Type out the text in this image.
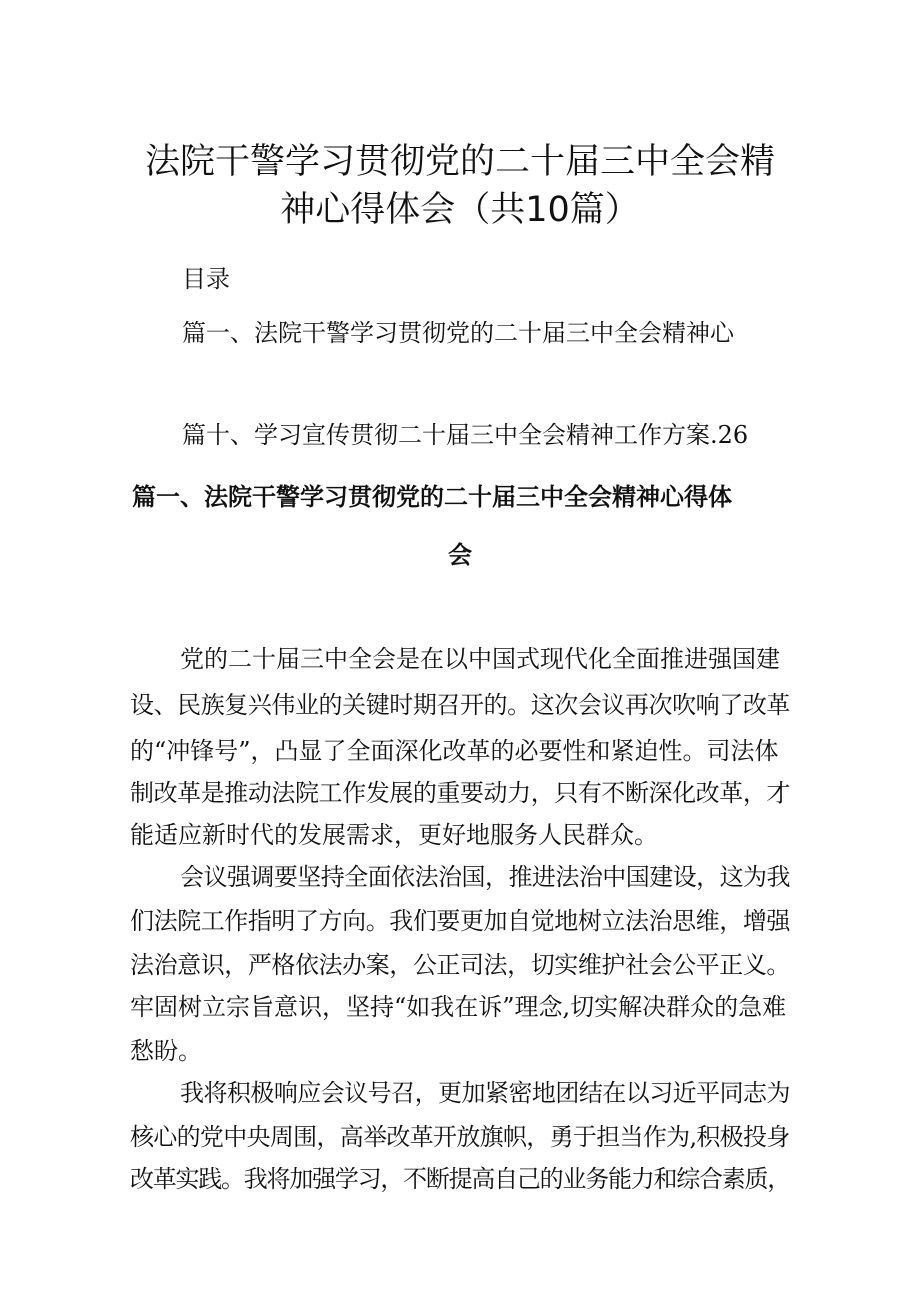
法院干警学习贯彻党的二十届三中全会精
神心得体会（共10篇）
目录
篇一、法院干警学习贯彻党的二十届三中全会精神心
篇十、学习宣传贯彻二十届三中全会精神工作方案.26
篇一、法院干警学习贯彻党的二十届三中全会精神心得体
会
党的二十届三中全会是在以中国式现代化全面推进强国建
设、民族复兴伟业的关键时期召开的。这次会议再次吹响了改革
的“冲锋号”，凸显了全面深化改革的必要性和紧迫性。司法体
制改革是推动法院工作发展的重要动力，只有不断深化改革，才
能适应新时代的发展需求，更好地服务人民群众。
会议强调要坚持全面依法治国，推进法治中国建设，这为我
们法院工作指明了方向。我们要更加自觉地树立法治思维，增强
法治意识，严格依法办案，公正司法，切实维护社会公平正义。
牢固树立宗旨意识，坚持“如我在诉”理念,切实解决群众的急难
愁盼。
我将积极响应会议号召，更加紧密地团结在以习近平同志为
核心的党中央周围，高举改革开放旗帜，勇于担当作为,积极投身
改革实践。我将加强学习，不断提高自己的业务能力和综合素质，
